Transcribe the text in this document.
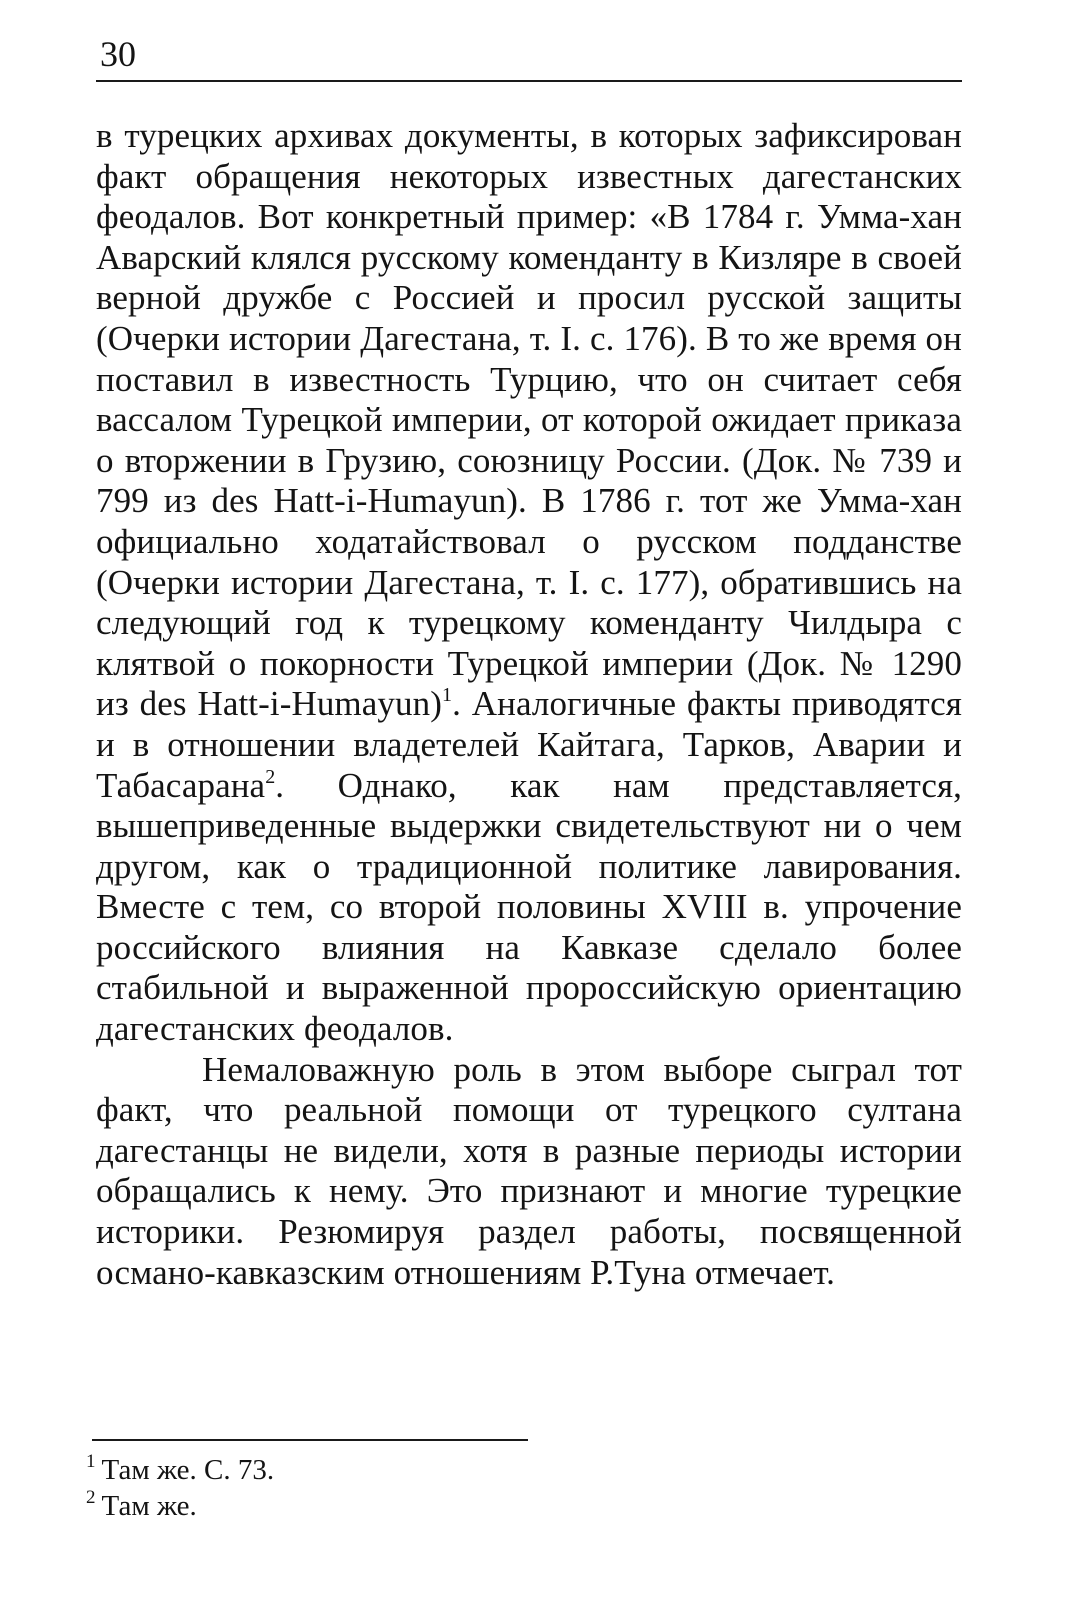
30

в турецких архивах документы, в которых зафиксирован факт обращения некоторых известных дагестанских феодалов. Вот конкретный пример: «В 1784 г. Умма-хан Аварский клялся русскому коменданту в Кизляре в своей верной дружбе с Россией и просил русской защиты (Очерки истории Дагестана, т. I. с. 176). В то же время он поставил в известность Турцию, что он считает себя вассалом Турецкой империи, от которой ожидает приказа о вторжении в Грузию, союзницу России. (Док. № 739 и 799 из des Hatt-i-Humayun). В 1786 г. тот же Умма-хан официально ходатайствовал о русском подданстве (Очерки истории Дагестана, т. I. с. 177), обратившись на следующий год к турецкому коменданту Чилдыра с клятвой о покорности Турецкой империи (Док. № 1290 из des Hatt-i-Humayun)$^1$. Аналогичные факты приводятся и в отношении владетелей Кайтага, Тарков, Аварии и Табасарана$^2$. Однако, как нам представляется, вышеприведенные выдержки свидетельствуют ни о чем другом, как о традиционной политике лавирования. Вместе с тем, со второй половины XVIII в. упрочение российского влияния на Кавказе сделало более стабильной и выраженной пророссийскую ориентацию дагестанских феодалов.

Немаловажную роль в этом выборе сыграл тот факт, что реальной помощи от турецкого султана дагестанцы не видели, хотя в разные периоды истории обращались к нему. Это признают и многие турецкие историки. Резюмируя раздел работы, посвященной османо-кавказским отношениям Р.Туна отмечает.

$^1$ Там же. С. 73.

$^2$ Там же.
